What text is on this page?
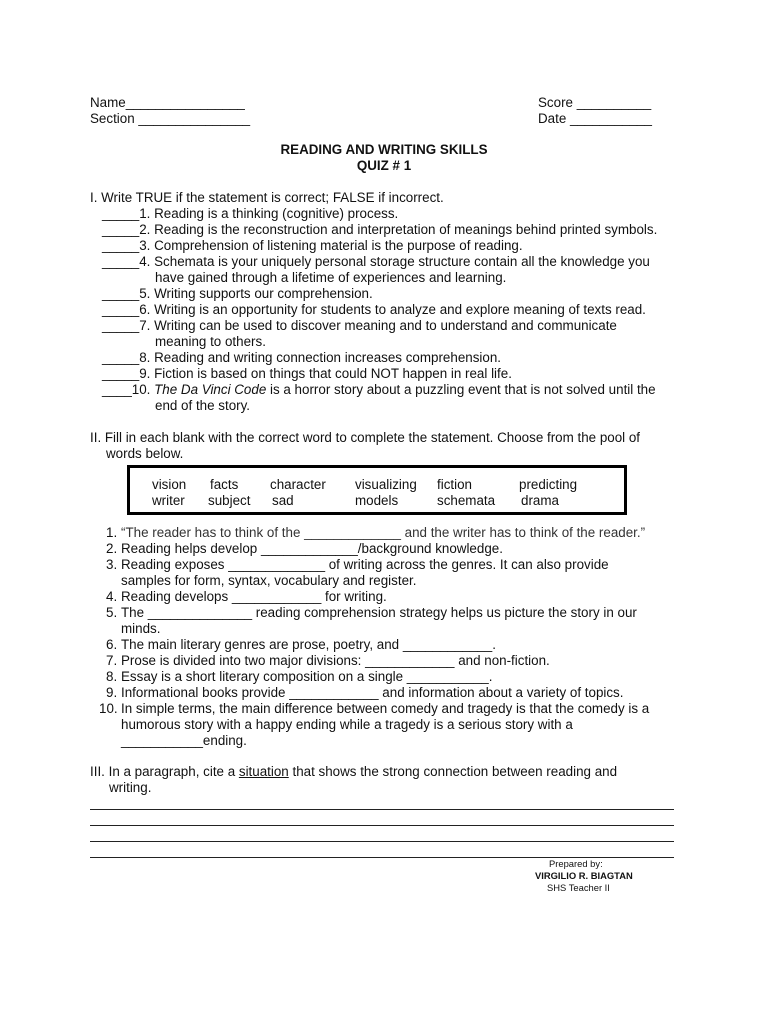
Name________________
Section _______________
Score __________
Date ___________
READING AND WRITING SKILLS
QUIZ # 1
I. Write TRUE if the statement is correct; FALSE if incorrect.
_____1. Reading is a thinking (cognitive) process.
_____2. Reading is the reconstruction and interpretation of meanings behind printed symbols.
_____3. Comprehension of listening material is the purpose of reading.
_____4. Schemata is your uniquely personal storage structure contain all the knowledge you
have gained through a lifetime of experiences and learning.
_____5. Writing supports our comprehension.
_____6. Writing is an opportunity for students to analyze and explore meaning of texts read.
_____7. Writing can be used to discover meaning and to understand and communicate
meaning to others.
_____8. Reading and writing connection increases comprehension.
_____9. Fiction is based on things that could NOT happen in real life.
____10. The Da Vinci Code is a horror story about a puzzling event that is not solved until the
end of the story.
II. Fill in each blank with the correct word to complete the statement. Choose from the pool of
words below.
vision facts character visualizing fiction	predicting
writer subject sad	models	schemata drama
1. “The reader has to think of the _____________ and the writer has to think of the reader.”
2. Reading helps develop _____________/background knowledge.
3. Reading exposes _____________ of writing across the genres. It can also provide
samples for form, syntax, vocabulary and register.
4. Reading develops ____________ for writing.
5. The ______________ reading comprehension strategy helps us picture the story in our
minds.
6. The main literary genres are prose, poetry, and ____________.
7. Prose is divided into two major divisions: ____________ and non-fiction.
8. Essay is a short literary composition on a single ___________.
9. Informational books provide ____________ and information about a variety of topics.
10. In simple terms, the main difference between comedy and tragedy is that the comedy is a
humorous story with a happy ending while a tragedy is a serious story with a
___________ending.
III. In a paragraph, cite a situation that shows the strong connection between reading and
writing.
Prepared by:
VIRGILIO R. BIAGTAN
SHS Teacher II
